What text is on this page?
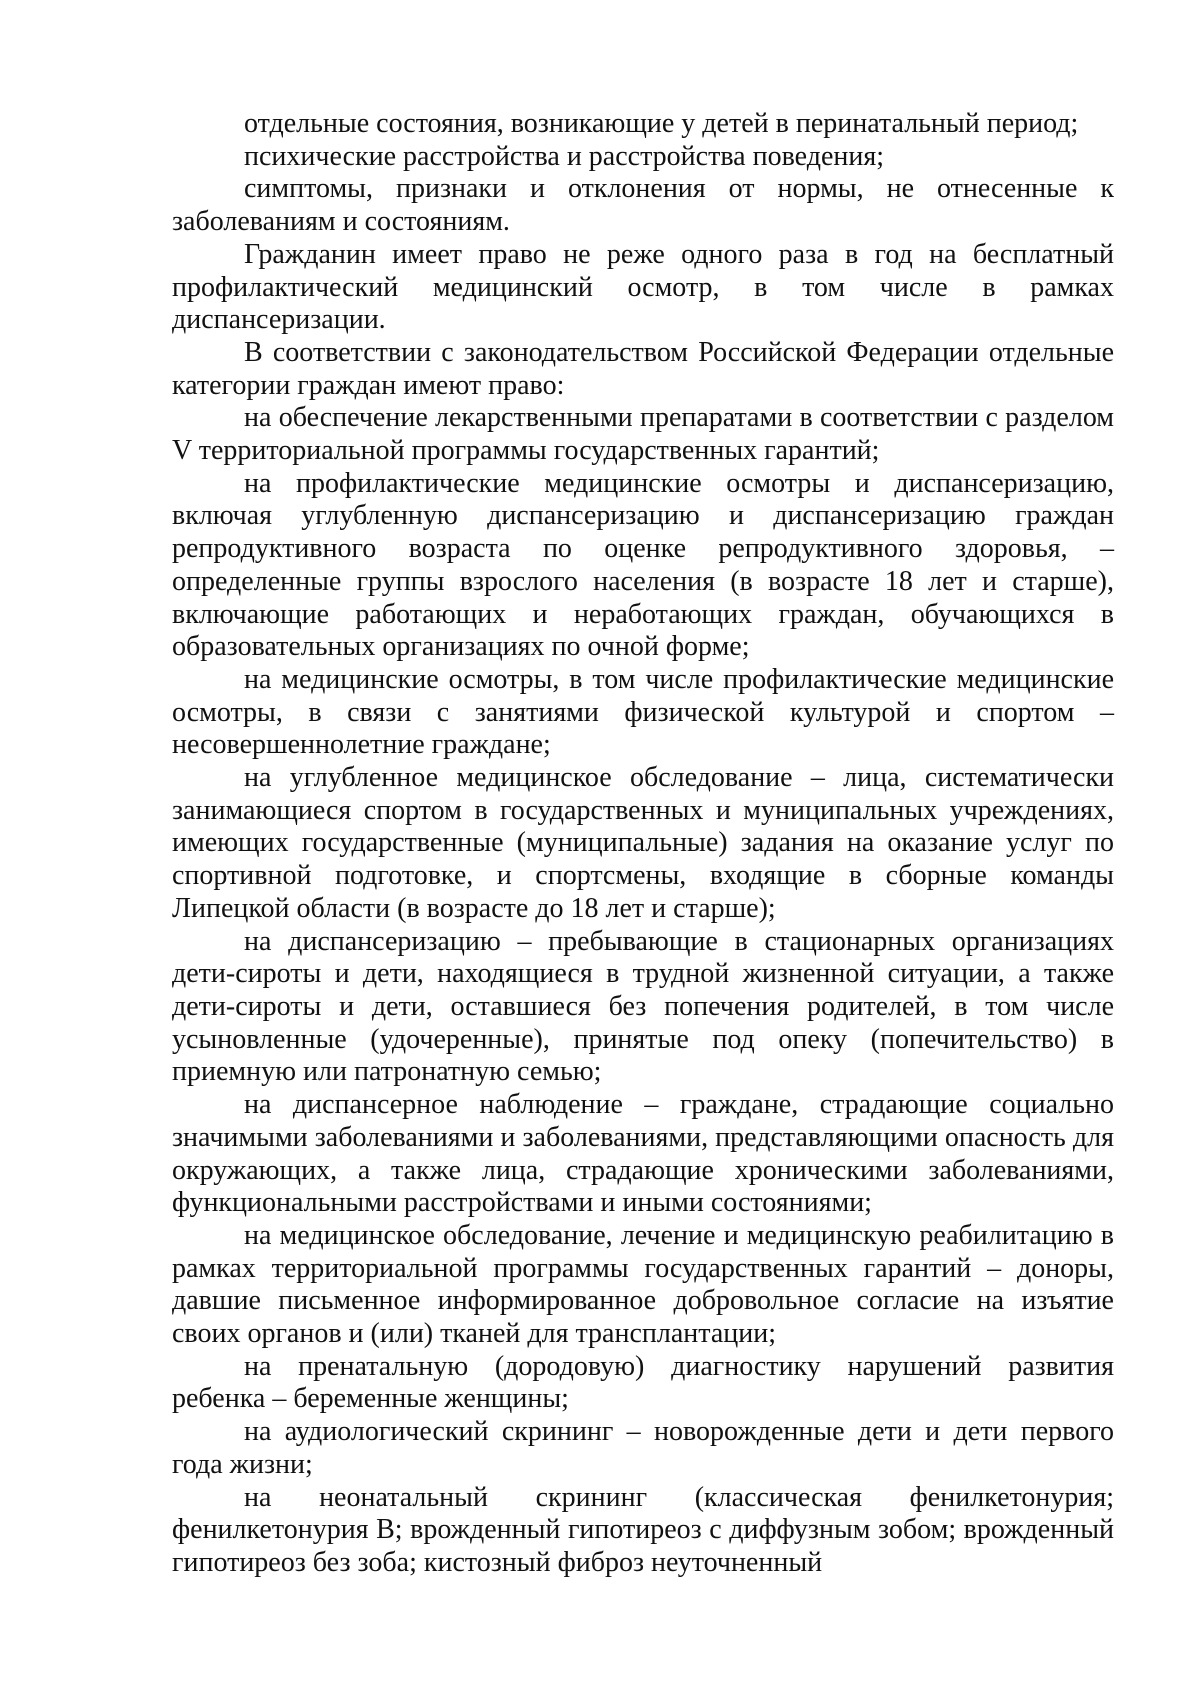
отдельные состояния, возникающие у детей в перинатальный период;

психические расстройства и расстройства поведения;

симптомы, признаки и отклонения от нормы, не отнесенные к заболеваниям и состояниям.

Гражданин имеет право не реже одного раза в год на бесплатный профилактический медицинский осмотр, в том числе в рамках диспансеризации.

В соответствии с законодательством Российской Федерации отдельные категории граждан имеют право:

на обеспечение лекарственными препаратами в соответствии с разделом V территориальной программы государственных гарантий;

на профилактические медицинские осмотры и диспансеризацию, включая углубленную диспансеризацию и диспансеризацию граждан репродуктивного возраста по оценке репродуктивного здоровья, – определенные группы взрослого населения (в возрасте 18 лет и старше), включающие работающих и неработающих граждан, обучающихся в образовательных организациях по очной форме;

на медицинские осмотры, в том числе профилактические медицинские осмотры, в связи с занятиями физической культурой и спортом – несовершеннолетние граждане;

на углубленное медицинское обследование – лица, систематически занимающиеся спортом в государственных и муниципальных учреждениях, имеющих государственные (муниципальные) задания на оказание услуг по спортивной подготовке, и спортсмены, входящие в сборные команды Липецкой области (в возрасте до 18 лет и старше);

на диспансеризацию – пребывающие в стационарных организациях дети-сироты и дети, находящиеся в трудной жизненной ситуации, а также дети-сироты и дети, оставшиеся без попечения родителей, в том числе усыновленные (удочеренные), принятые под опеку (попечительство) в приемную или патронатную семью;

на диспансерное наблюдение – граждане, страдающие социально значимыми заболеваниями и заболеваниями, представляющими опасность для окружающих, а также лица, страдающие хроническими заболеваниями, функциональными расстройствами и иными состояниями;

на медицинское обследование, лечение и медицинскую реабилитацию в рамках территориальной программы государственных гарантий – доноры, давшие письменное информированное добровольное согласие на изъятие своих органов и (или) тканей для трансплантации;

на пренатальную (дородовую) диагностику нарушений развития ребенка – беременные женщины;

на аудиологический скрининг – новорожденные дети и дети первого года жизни;

на неонатальный скрининг (классическая фенилкетонурия; фенилкетонурия В; врожденный гипотиреоз с диффузным зобом; врожденный гипотиреоз без зоба; кистозный фиброз неуточненный
